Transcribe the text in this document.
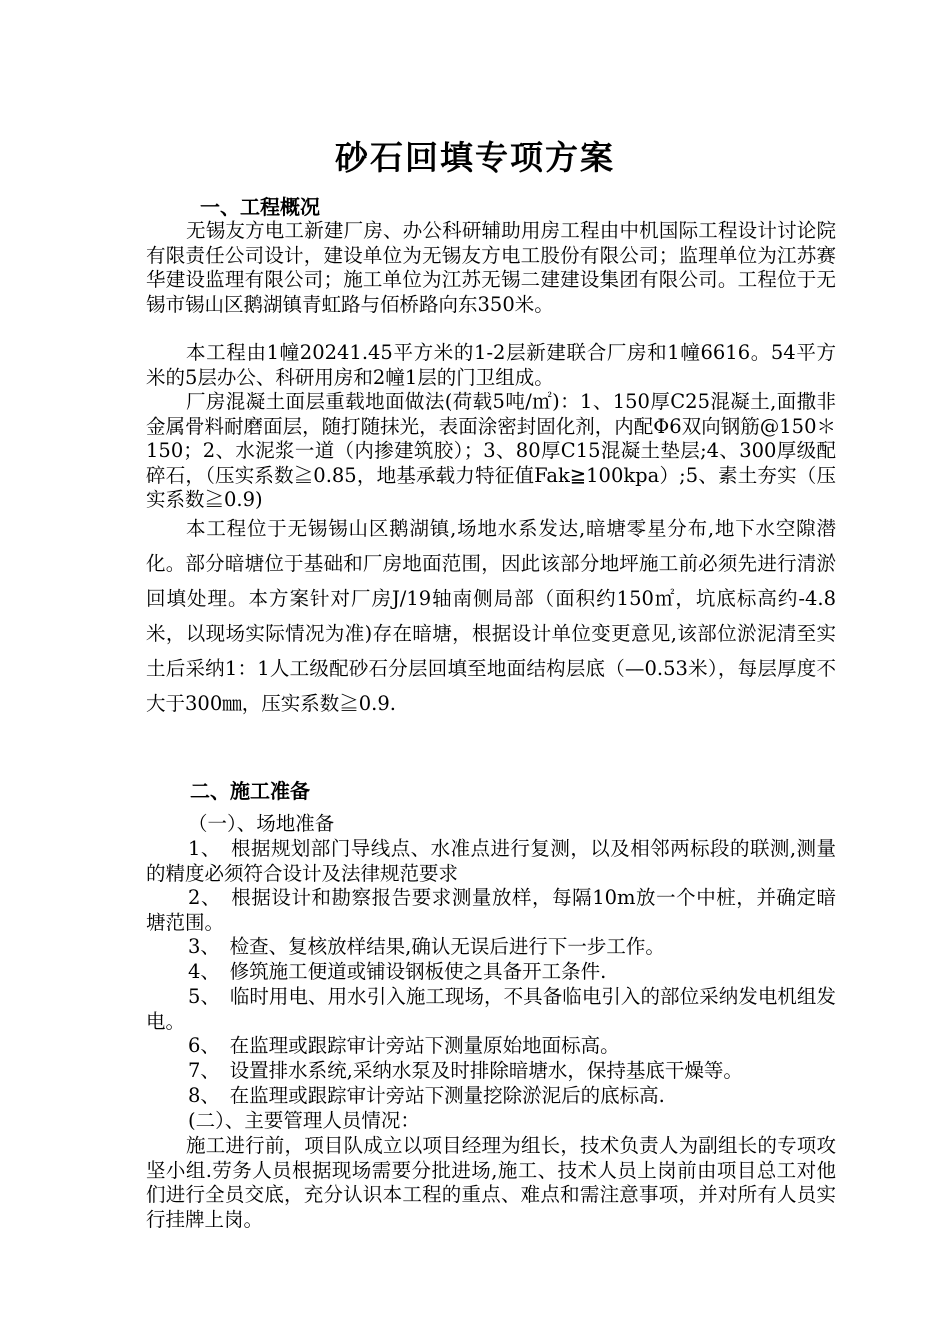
砂石回填专项方案
一、工程概况
无锡友方电工新建厂房、办公科研辅助用房工程由中机国际工程设计讨论院有限责任公司设计，建设单位为无锡友方电工股份有限公司；监理单位为江苏赛华建设监理有限公司；施工单位为江苏无锡二建建设集团有限公司。工程位于无锡市锡山区鹅湖镇青虹路与佰桥路向东350米。
本工程由1幢20241.45平方米的1-2层新建联合厂房和1幢6616。54平方米的5层办公、科研用房和2幢1层的门卫组成。
厂房混凝土面层重载地面做法(荷载5吨/㎡)：1、150厚C25混凝土,面撒非金属骨料耐磨面层，随打随抹光，表面涂密封固化剂，内配Φ6双向钢筋@150＊150；2、水泥浆一道（内掺建筑胶）；3、80厚C15混凝土垫层;4、300厚级配碎石，（压实系数≧0.85，地基承载力特征值Fak≧100kpa）;5、素土夯实（压实系数≧0.9)
本工程位于无锡锡山区鹅湖镇,场地水系发达,暗塘零星分布,地下水空隙潜化。部分暗塘位于基础和厂房地面范围，因此该部分地坪施工前必须先进行清淤回填处理。本方案针对厂房J/19轴南侧局部（面积约150㎡，坑底标高约-4.8米，以现场实际情况为准)存在暗塘，根据设计单位变更意见,该部位淤泥清至实土后采纳1：1人工级配砂石分层回填至地面结构层底（—0.53米），每层厚度不大于300㎜，压实系数≧0.9.
二、施工准备
（一）、场地准备
1、　根据规划部门导线点、水准点进行复测，以及相邻两标段的联测,测量的精度必须符合设计及法律规范要求
2、　根据设计和勘察报告要求测量放样，每隔10m放一个中桩，并确定暗塘范围。
3、　检查、复核放样结果,确认无误后进行下一步工作。
4、　修筑施工便道或铺设钢板使之具备开工条件.
5、　临时用电、用水引入施工现场，不具备临电引入的部位采纳发电机组发电。
6、　在监理或跟踪审计旁站下测量原始地面标高。
7、　设置排水系统,采纳水泵及时排除暗塘水，保持基底干燥等。
8、　在监理或跟踪审计旁站下测量挖除淤泥后的底标高.
(二）、主要管理人员情况：
施工进行前，项目队成立以项目经理为组长，技术负责人为副组长的专项攻坚小组.劳务人员根据现场需要分批进场,施工、技术人员上岗前由项目总工对他们进行全员交底，充分认识本工程的重点、难点和需注意事项，并对所有人员实行挂牌上岗。
